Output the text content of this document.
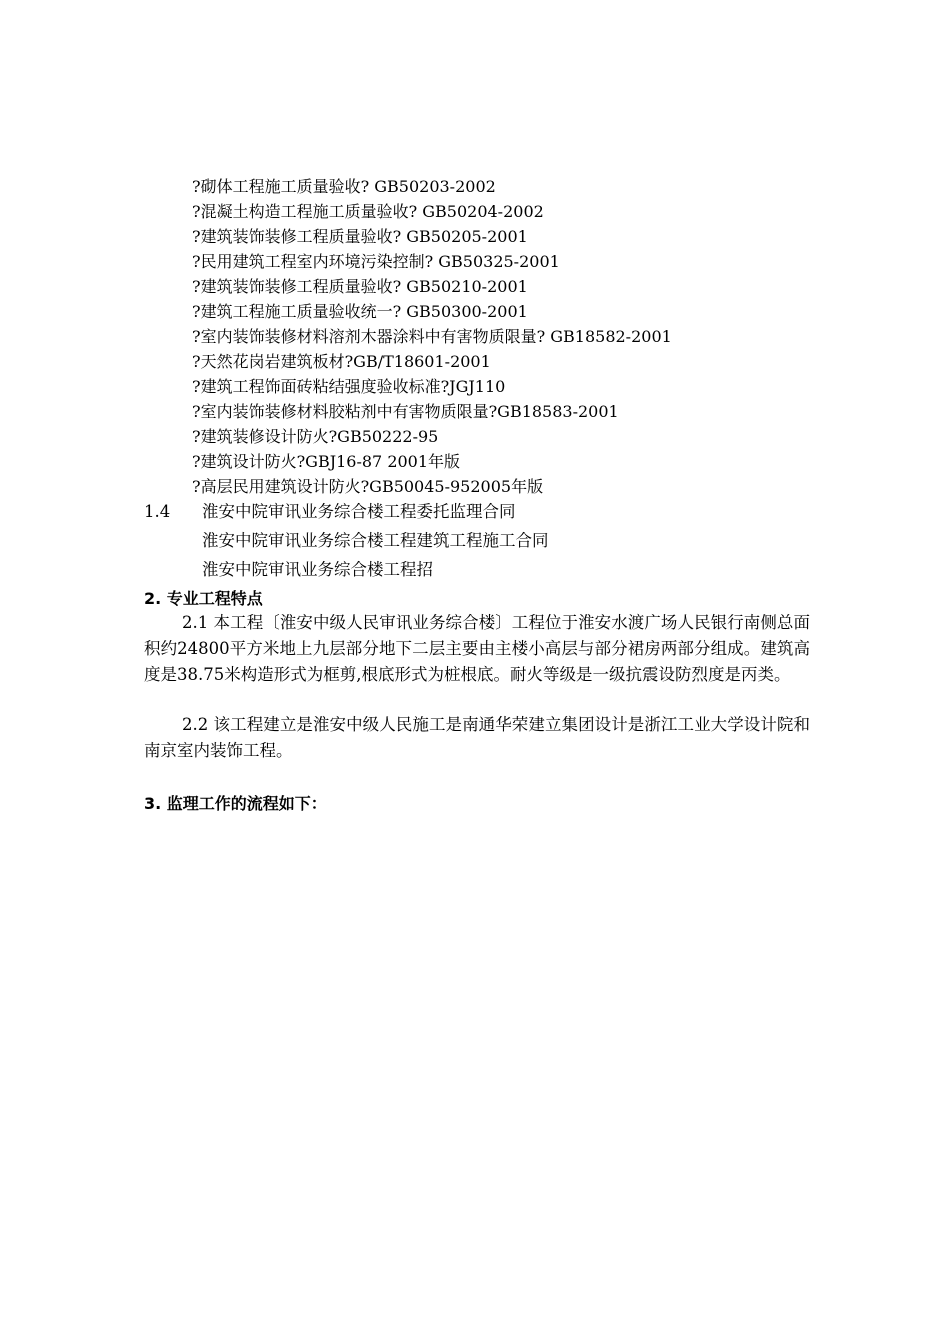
?砌体工程施工质量验收? GB50203-2002
?混凝土构造工程施工质量验收? GB50204-2002
?建筑装饰装修工程质量验收? GB50205-2001
?民用建筑工程室内环境污染控制? GB50325-2001
?建筑装饰装修工程质量验收? GB50210-2001
?建筑工程施工质量验收统一? GB50300-2001
?室内装饰装修材料溶剂木器涂料中有害物质限量? GB18582-2001
?天然花岗岩建筑板材?GB/T18601-2001
?建筑工程饰面砖粘结强度验收标准?JGJ110
?室内装饰装修材料胶粘剂中有害物质限量?GB18583-2001
?建筑装修设计防火?GB50222-95
?建筑设计防火?GBJ16-87 2001年版
?高层民用建筑设计防火?GB50045-952005年版
1.4	淮安中院审讯业务综合楼工程委托监理合同
淮安中院审讯业务综合楼工程建筑工程施工合同
淮安中院审讯业务综合楼工程招
2. 专业工程特点

2.1 本工程〔淮安中级人民审讯业务综合楼〕工程位于淮安水渡广场人民银行南侧总面积约24800平方米地上九层部分地下二层主要由主楼小高层与部分裙房两部分组成。建筑高度是38.75米构造形式为框剪,根底形式为桩根底。耐火等级是一级抗震设防烈度是丙类。

2.2 该工程建立是淮安中级人民施工是南通华荣建立集团设计是浙江工业大学设计院和南京室内装饰工程。

3. 监理工作的流程如下：
